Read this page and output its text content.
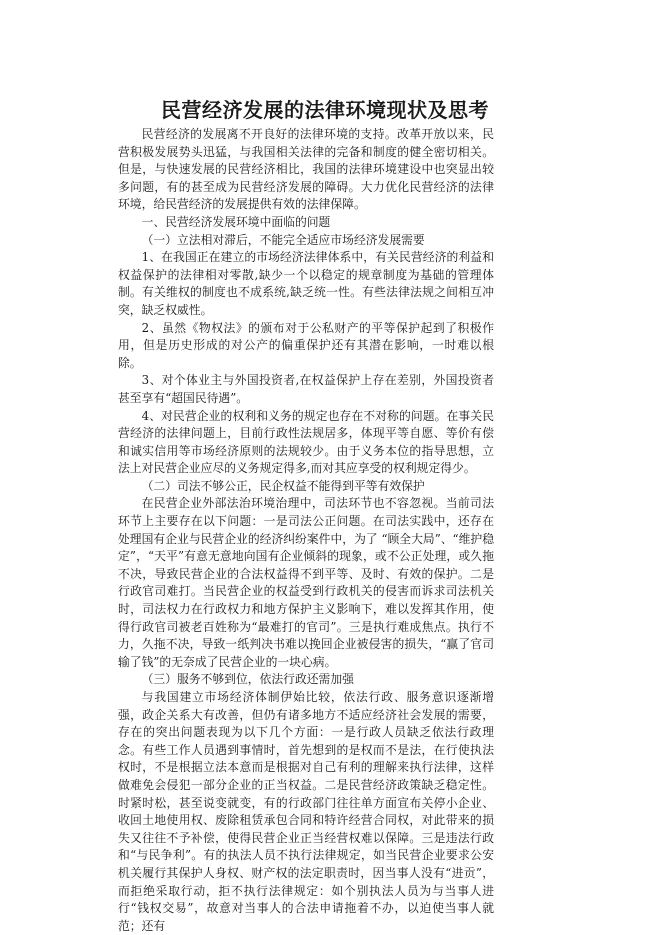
民营经济发展的法律环境现状及思考

民营经济的发展离不开良好的法律环境的支持。改革开放以来，民营积极发展势头迅猛，与我国相关法律的完备和制度的健全密切相关。但是，与快速发展的民营经济相比，我国的法律环境建设中也突显出较多问题，有的甚至成为民营经济发展的障碍。大力优化民营经济的法律环境，给民营经济的发展提供有效的法律保障。

一、民营经济发展环境中面临的问题

（一）立法相对滞后，不能完全适应市场经济发展需要

1、在我国正在建立的市场经济法律体系中，有关民营经济的利益和权益保护的法律相对零散,缺少一个以稳定的规章制度为基础的管理体制。有关维权的制度也不成系统,缺乏统一性。有些法律法规之间相互冲突，缺乏权威性。

2、虽然《物权法》的颁布对于公私财产的平等保护起到了积极作用，但是历史形成的对公产的偏重保护还有其潜在影响，一时难以根除。

3、对个体业主与外国投资者,在权益保护上存在差别，外国投资者甚至享有“超国民待遇”。

4、对民营企业的权利和义务的规定也存在不对称的问题。在事关民营经济的法律问题上，目前行政性法规居多，体现平等自愿、等价有偿和诚实信用等市场经济原则的法规较少。由于义务本位的指导思想，立法上对民营企业应尽的义务规定得多,而对其应享受的权利规定得少。

（二）司法不够公正，民企权益不能得到平等有效保护

在民营企业外部法治环境治理中，司法环节也不容忽视。当前司法环节上主要存在以下问题：一是司法公正问题。在司法实践中，还存在处理国有企业与民营企业的经济纠纷案件中，为了 “顾全大局”、“维护稳定”，“天平”有意无意地向国有企业倾斜的现象，或不公正处理，或久拖不决，导致民营企业的合法权益得不到平等、及时、有效的保护。二是行政官司难打。当民营企业的权益受到行政机关的侵害而诉求司法机关时，司法权力在行政权力和地方保护主义影响下，难以发挥其作用，使得行政官司被老百姓称为“最难打的官司”。三是执行难成焦点。执行不力，久拖不决，导致一纸判决书难以挽回企业被侵害的损失，“赢了官司输了钱”的无奈成了民营企业的一块心病。

（三）服务不够到位，依法行政还需加强

与我国建立市场经济体制伊始比较，依法行政、服务意识逐渐增强，政企关系大有改善，但仍有诸多地方不适应经济社会发展的需要，存在的突出问题表现为以下几个方面：一是行政人员缺乏依法行政理念。有些工作人员遇到事情时，首先想到的是权而不是法，在行使执法权时，不是根据立法本意而是根据对自己有利的理解来执行法律，这样做难免会侵犯一部分企业的正当权益。二是民营经济政策缺乏稳定性。时紧时松，甚至说变就变，有的行政部门往往单方面宣布关停小企业、收回土地使用权、废除租赁承包合同和特许经营合同权，对此带来的损失又往往不予补偿，使得民营企业正当经营权难以保障。三是违法行政和“与民争利”。有的执法人员不执行法律规定，如当民营企业要求公安机关履行其保护人身权、财产权的法定职责时，因当事人没有“进贡”，而拒绝采取行动，拒不执行法律规定：如个别执法人员为与当事人进行“钱权交易”，故意对当事人的合法申请拖着不办，以迫使当事人就范；还有
